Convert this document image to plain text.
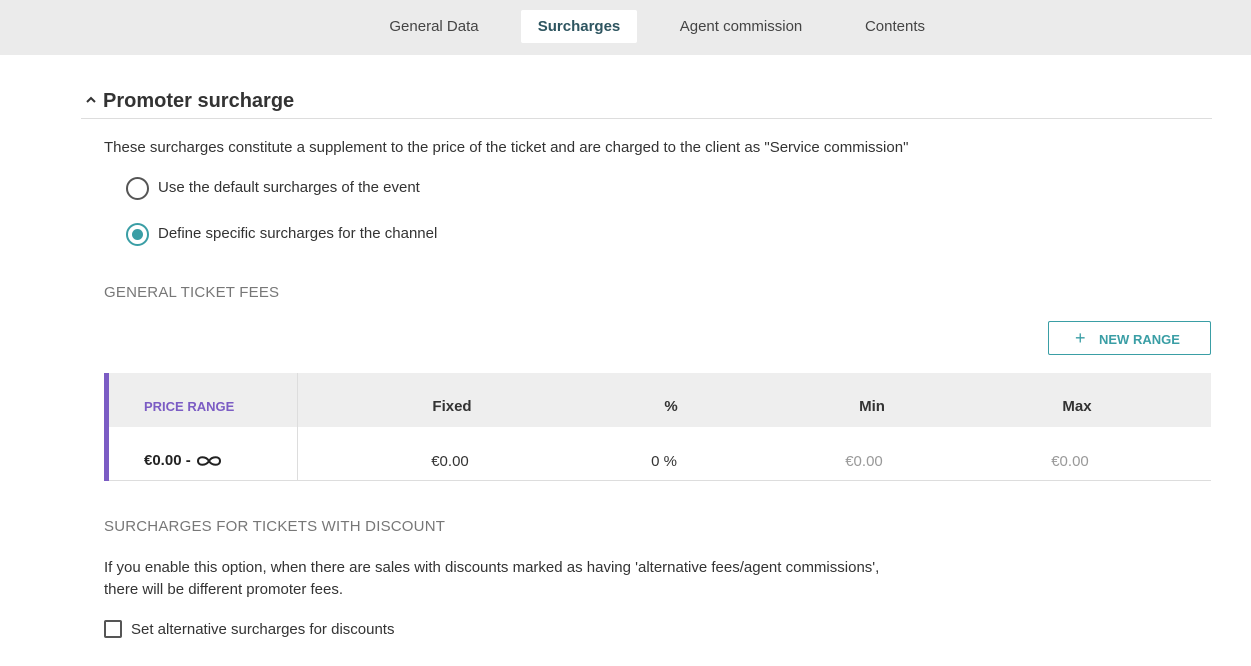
General Data	Surcharges	Agent commission	Contents
Promoter surcharge
These surcharges constitute a supplement to the price of the ticket and are charged to the client as "Service commission"
Use the default surcharges of the event
Define specific surcharges for the channel
GENERAL TICKET FEES
+ NEW RANGE
PRICE RANGE	Fixed	%	Min	Max
€0.00 -	€0.00	0 %	€0.00	€0.00
SURCHARGES FOR TICKETS WITH DISCOUNT
If you enable this option, when there are sales with discounts marked as having 'alternative fees/agent commissions',
there will be different promoter fees.
Set alternative surcharges for discounts
